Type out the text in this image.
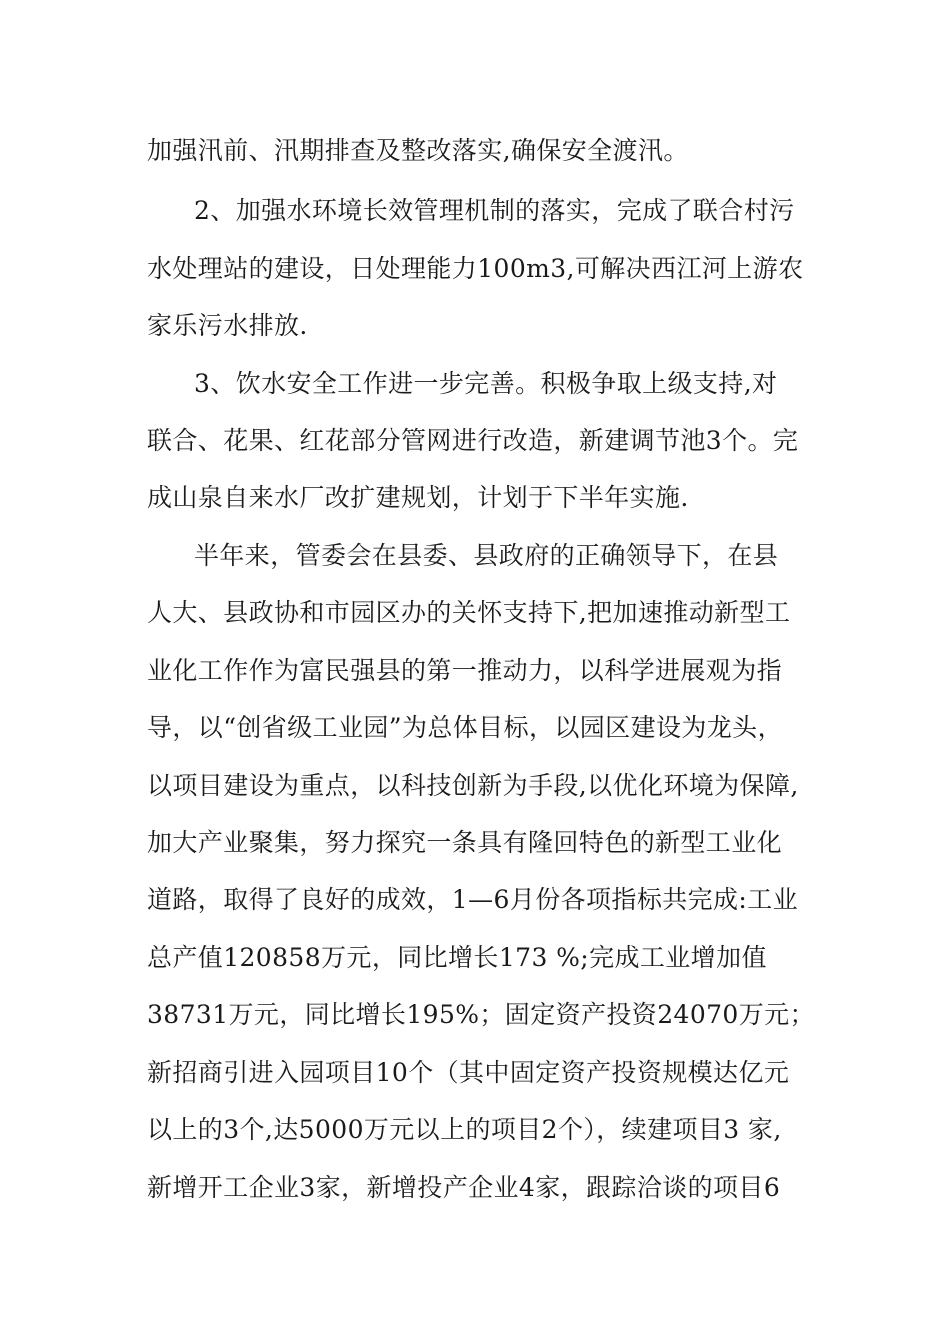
加强汛前、汛期排查及整改落实,确保安全渡汛。
2、加强水环境长效管理机制的落实，完成了联合村污
水处理站的建设，日处理能力100m3,可解决西江河上游农
家乐污水排放.
3、饮水安全工作进一步完善。积极争取上级支持,对
联合、花果、红花部分管网进行改造，新建调节池3个。完
成山泉自来水厂改扩建规划，计划于下半年实施.
半年来，管委会在县委、县政府的正确领导下，在县
人大、县政协和市园区办的关怀支持下,把加速推动新型工
业化工作作为富民强县的第一推动力，以科学进展观为指
导，以“创省级工业园”为总体目标，以园区建设为龙头，
以项目建设为重点，以科技创新为手段,以优化环境为保障,
加大产业聚集，努力探究一条具有隆回特色的新型工业化
道路，取得了良好的成效，1—6月份各项指标共完成:工业
总产值120858万元，同比增长173 %;完成工业增加值
38731万元，同比增长195%；固定资产投资24070万元；
新招商引进入园项目10个（其中固定资产投资规模达亿元
以上的3个,达5000万元以上的项目2个），续建项目3 家,
新增开工企业3家，新增投产企业4家，跟踪洽谈的项目6
